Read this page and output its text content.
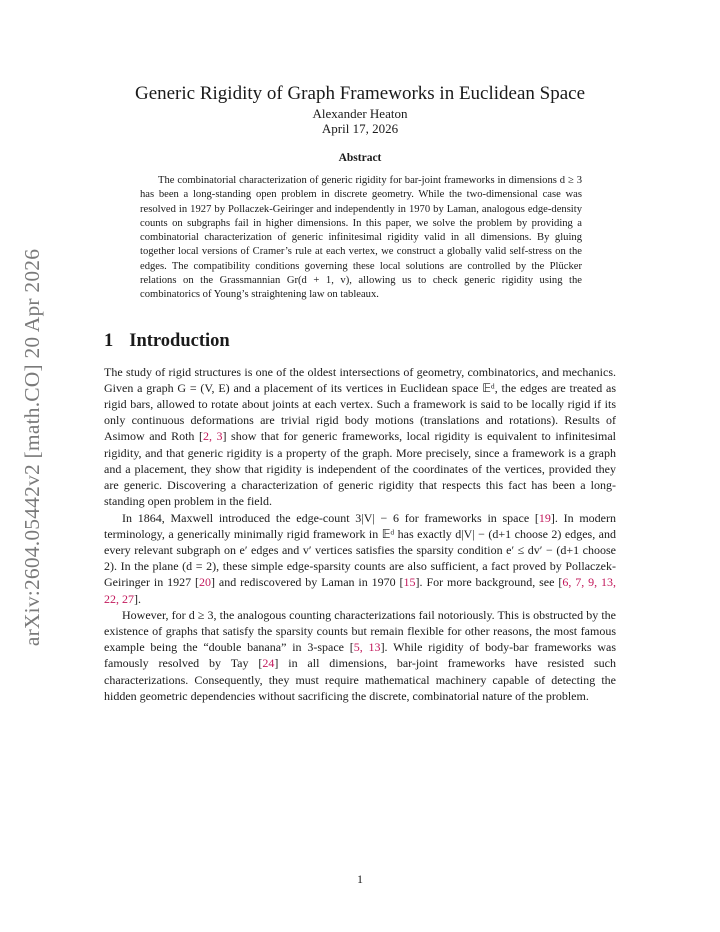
arXiv:2604.05442v2 [math.CO] 20 Apr 2026
Generic Rigidity of Graph Frameworks in Euclidean Space
Alexander Heaton
April 17, 2026
Abstract

The combinatorial characterization of generic rigidity for bar-joint frameworks in dimensions d ≥ 3 has been a long-standing open problem in discrete geometry. While the two-dimensional case was resolved in 1927 by Pollaczek-Geiringer and independently in 1970 by Laman, analogous edge-density counts on subgraphs fail in higher dimensions. In this paper, we solve the problem by providing a combinatorial characterization of generic infinitesimal rigidity valid in all dimensions. By gluing together local versions of Cramer’s rule at each vertex, we construct a globally valid self-stress on the edges. The compatibility conditions governing these local solutions are controlled by the Plücker relations on the Grassmannian Gr(d + 1, v), allowing us to check generic rigidity using the combinatorics of Young’s straightening law on tableaux.

1 Introduction

The study of rigid structures is one of the oldest intersections of geometry, combinatorics, and mechanics. Given a graph G = (V, E) and a placement of its vertices in Euclidean space 𝔼ᵈ, the edges are treated as rigid bars, allowed to rotate about joints at each vertex. Such a framework is said to be locally rigid if its only continuous deformations are trivial rigid body motions (translations and rotations). Results of Asimow and Roth [2, 3] show that for generic frameworks, local rigidity is equivalent to infinitesimal rigidity, and that generic rigidity is a property of the graph. More precisely, since a framework is a graph and a placement, they show that rigidity is independent of the coordinates of the vertices, provided they are generic. Discovering a characterization of generic rigidity that respects this fact has been a long-standing open problem in the field.

In 1864, Maxwell introduced the edge-count 3|V| − 6 for frameworks in space [19]. In modern terminology, a generically minimally rigid framework in 𝔼ᵈ has exactly d|V| − (d+1 choose 2) edges, and every relevant subgraph on e′ edges and v′ vertices satisfies the sparsity condition e′ ≤ dv′ − (d+1 choose 2). In the plane (d = 2), these simple edge-sparsity counts are also sufficient, a fact proved by Pollaczek-Geiringer in 1927 [20] and rediscovered by Laman in 1970 [15]. For more background, see [6, 7, 9, 13, 22, 27].

However, for d ≥ 3, the analogous counting characterizations fail notoriously. This is obstructed by the existence of graphs that satisfy the sparsity counts but remain flexible for other reasons, the most famous example being the “double banana” in 3-space [5, 13]. While rigidity of body-bar frameworks was famously resolved by Tay [24] in all dimensions, bar-joint frameworks have resisted such characterizations. Consequently, they must require mathematical machinery capable of detecting the hidden geometric dependencies without sacrificing the discrete, combinatorial nature of the problem.

1
